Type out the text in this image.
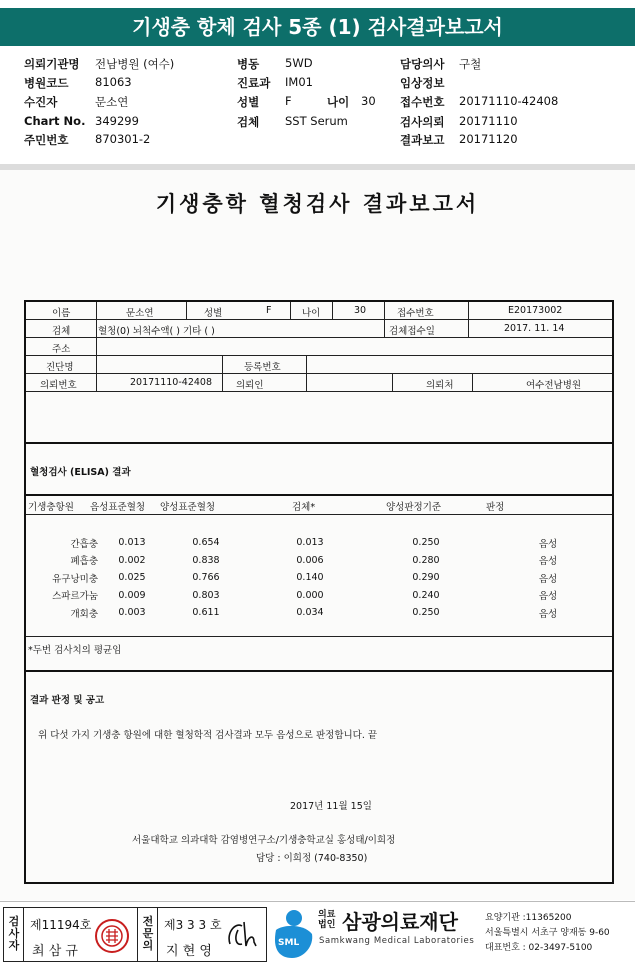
기생충 항체 검사 5종 (1) 검사결과보고서
의뢰기관명 전남병원 (여수)
병원코드 81063
수진자	문소연
Chart No. 349299
주민번호 870301-2
병동 5WD
진료과 IM01
성별 F	나이 30
검체 SST Serum
담당의사 구철
임상정보
접수번호 20171110-42408
검사의뢰 20171110
결과보고 20171120
기생충학 혈청검사 결과보고서
이름	문소연	성별	F	나이	30	접수번호	E20173002
검체	혈청(0) 뇌척수액( ) 기타 ( )	검체접수일	2017. 11. 14
주소
진단명	등록번호
의뢰번호	20171110-42408	의뢰인	의뢰처	여수전남병원
혈청검사 (ELISA) 결과
기생충항원 음성표준혈청 양성표준혈청	검체*	양성판정기준	판정
간흡충	0.013	0.654	0.013	0.250	음성
폐흡충	0.002	0.838	0.006	0.280	음성
유구낭미충	0.025	0.766	0.140	0.290	음성
스파르가눔	0.009	0.803	0.000	0.240	음성
개회충	0.003	0.611	0.034	0.250	음성
*두번 검사치의 평균임
결과 판정 및 공고
위 다섯 가지 기생충 항원에 대한 혈청학적 검사결과 모두 음성으로 판정합니다. 끝
2017년 11월 15일
서울대학교 의과대학 감염병연구소/기생충학교실 홍성태/이희정
담당 : 이희정 (740-8350)
검
사
자
제11194호
최 삼 규
전
문
의
제3 3 3 호
지 현 영
SML
의료
법인 삼광의료재단
Samkwang Medical Laboratories
요양기관 :11365200
서울특별시 서초구 양재동 9-60
대표번호 : 02-3497-5100
